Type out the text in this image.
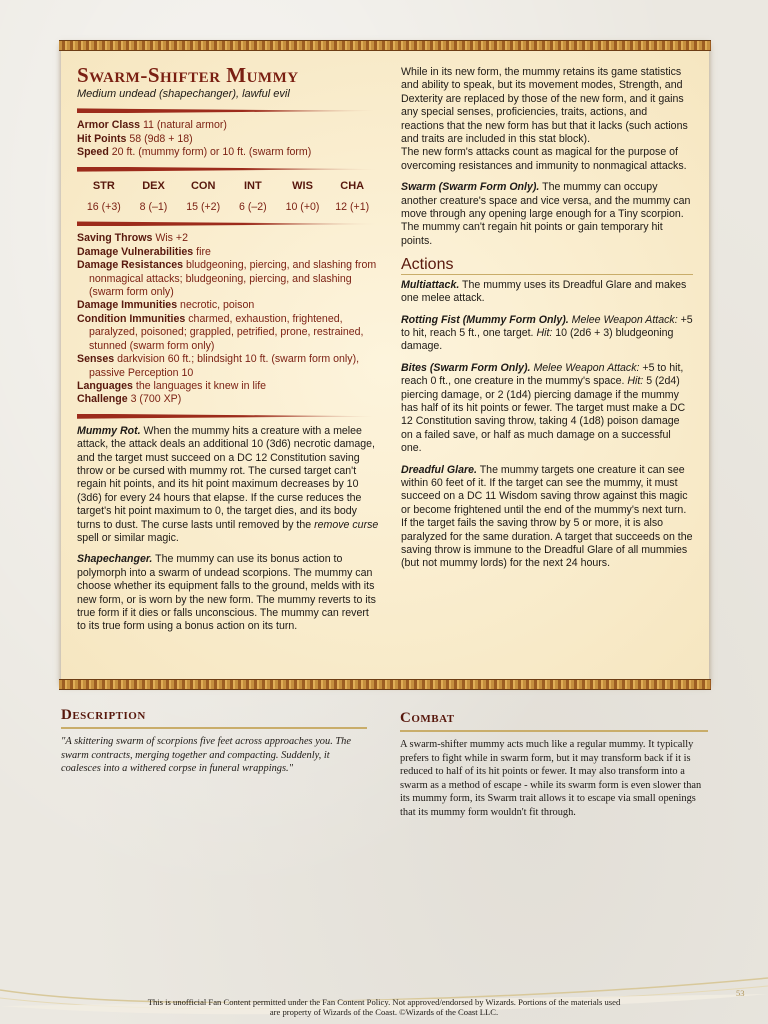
Swarm-Shifter Mummy
Medium undead (shapechanger), lawful evil

Armor Class 11 (natural armor)

Hit Points 58 (9d8 + 18)

Speed 20 ft. (mummy form) or 10 ft. (swarm form)

STR
16 (+3)
DEX
8 (–1)
CON
15 (+2)
INT
6 (–2)
WIS
10 (+0)
CHA
12 (+1)

Saving Throws Wis +2

Damage Vulnerabilities fire

Damage Resistances bludgeoning, piercing, and slashing from nonmagical attacks; bludgeoning, piercing, and slashing (swarm form only)

Damage Immunities necrotic, poison

Condition Immunities charmed, exhaustion, frightened, paralyzed, poisoned; grappled, petrified, prone, restrained, stunned (swarm form only)

Senses darkvision 60 ft.; blindsight 10 ft. (swarm form only), passive Perception 10

Languages the languages it knew in life

Challenge 3 (700 XP)

Mummy Rot. When the mummy hits a creature with a melee attack, the attack deals an additional 10 (3d6) necrotic damage, and the target must succeed on a DC 12 Constitution saving throw or be cursed with mummy rot. The cursed target can't regain hit points, and its hit point maximum decreases by 10 (3d6) for every 24 hours that elapse. If the curse reduces the target's hit point maximum to 0, the target dies, and its body turns to dust. The curse lasts until removed by the remove curse spell or similar magic.

Shapechanger. The mummy can use its bonus action to polymorph into a swarm of undead scorpions. The mummy can choose whether its equipment falls to the ground, melds with its new form, or is worn by the new form. The mummy reverts to its true form if it dies or falls unconscious. The mummy can revert to its true form using a bonus action on its turn.

While in its new form, the mummy retains its game statistics and ability to speak, but its movement modes, Strength, and Dexterity are replaced by those of the new form, and it gains any special senses, proficiencies, traits, actions, and reactions that the new form has but that it lacks (such actions and traits are included in this stat block).

The new form's attacks count as magical for the purpose of overcoming resistances and immunity to nonmagical attacks.

Swarm (Swarm Form Only). The mummy can occupy another creature's space and vice versa, and the mummy can move through any opening large enough for a Tiny scorpion. The mummy can't regain hit points or gain temporary hit points.

Actions

Multiattack. The mummy uses its Dreadful Glare and makes one melee attack.

Rotting Fist (Mummy Form Only). Melee Weapon Attack: +5 to hit, reach 5 ft., one target. Hit: 10 (2d6 + 3) bludgeoning damage.

Bites (Swarm Form Only). Melee Weapon Attack: +5 to hit, reach 0 ft., one creature in the mummy's space. Hit: 5 (2d4) piercing damage, or 2 (1d4) piercing damage if the mummy has half of its hit points or fewer. The target must make a DC 12 Constitution saving throw, taking 4 (1d8) poison damage on a failed save, or half as much damage on a successful one.

Dreadful Glare. The mummy targets one creature it can see within 60 feet of it. If the target can see the mummy, it must succeed on a DC 11 Wisdom saving throw against this magic or become frightened until the end of the mummy's next turn. If the target fails the saving throw by 5 or more, it is also paralyzed for the same duration. A target that succeeds on the saving throw is immune to the Dreadful Glare of all mummies (but not mummy lords) for the next 24 hours.

Description
"A skittering swarm of scorpions five feet across approaches you. The swarm contracts, merging together and compacting. Suddenly, it coalesces into a withered corpse in funeral wrappings."
Combat
A swarm-shifter mummy acts much like a regular mummy. It typically prefers to fight while in swarm form, but it may transform back if it is reduced to half of its hit points or fewer. It may also transform into a swarm as a method of escape - while its swarm form is even slower than its mummy form, its Swarm trait allows it to escape via small openings that its mummy form wouldn't fit through.
53
This is unofficial Fan Content permitted under the Fan Content Policy. Not approved/endorsed by Wizards. Portions of the materials used
are property of Wizards of the Coast. ©Wizards of the Coast LLC.
